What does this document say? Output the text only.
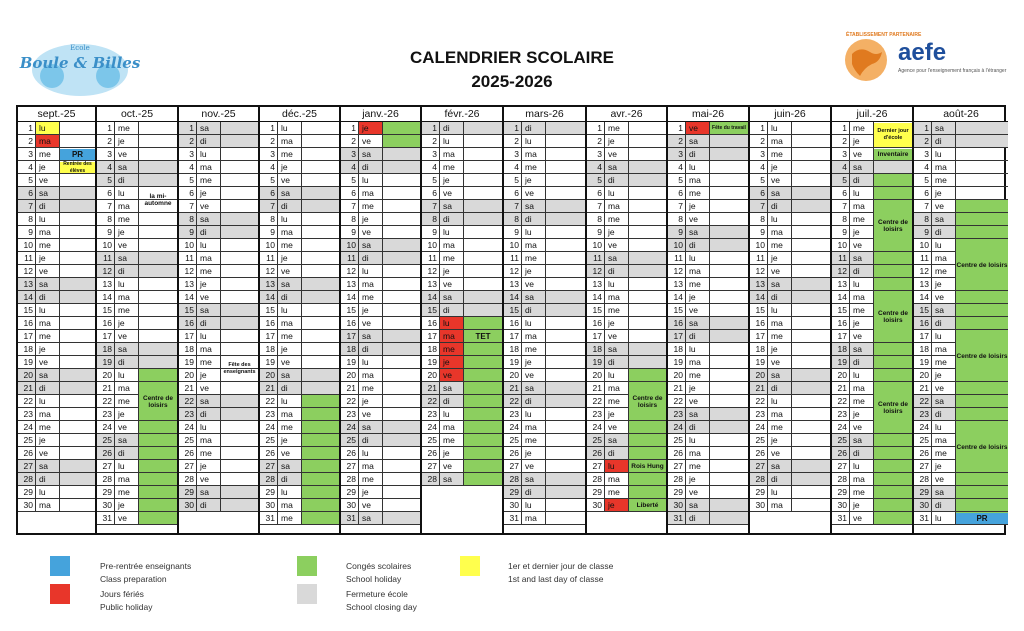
CALENDRIER SCOLAIRE
2025-2026
Ecole
Boule & Billes
ÉTABLISSEMENT PARTENAIRE
aefe
Agence pour l'enseignement français à l'étranger
sept.-25
1 lu
2 ma
3 me
4 je
5 ve
6 sa
7 di
8 lu
9 ma
10 me
11 je
12 ve
13 sa
14 di
15 lu
16 ma
17 me
18 je
19 ve
20 sa
21 di
22 lu
23 ma
24 me
25 je
26 ve
27 sa
28 di
29 lu
30 ma
PR
Rentrée des élèves
oct.-25
1 me
2 je
3 ve
4 sa
5 di
6 lu
7 ma
8 me
9 je
10 ve
11 sa
12 di
13 lu
14 ma
15 me
16 je
17 ve
18 sa
19 di
20 lu
21 ma
22 me
23 je
24 ve
25 sa
26 di
27 lu
28 ma
29 me
30 je
31 ve
la mi-automne
Centre de loisirs
nov.-25
1 sa
2 di
3 lu
4 ma
5 me
6 je
7 ve
8 sa
9 di
10 lu
11 ma
12 me
13 je
14 ve
15 sa
16 di
17 lu
18 ma
19 me
20 je
21 ve
22 sa
23 di
24 lu
25 ma
26 me
27 je
28 ve
29 sa
30 di
Fête des enseignants
déc.-25
1 lu
2 ma
3 me
4 je
5 ve
6 sa
7 di
8 lu
9 ma
10 me
11 je
12 ve
13 sa
14 di
15 lu
16 ma
17 me
18 je
19 ve
20 sa
21 di
22 lu
23 ma
24 me
25 je
26 ve
27 sa
28 di
29 lu
30 ma
31 me
janv.-26
1 je
2 ve
3 sa
4 di
5 lu
6 ma
7 me
8 je
9 ve
10 sa
11 di
12 lu
13 ma
14 me
15 je
16 ve
17 sa
18 di
19 lu
20 ma
21 me
22 je
23 ve
24 sa
25 di
26 lu
27 ma
28 me
29 je
30 ve
31 sa
févr.-26
1 di
2 lu
3 ma
4 me
5 je
6 ve
7 sa
8 di
9 lu
10 ma
11 me
12 je
13 ve
14 sa
15 di
16 lu
17 ma
18 me
19 je
20 ve
21 sa
22 di
23 lu
24 ma
25 me
26 je
27 ve
28 sa
TET
mars-26
1 di
2 lu
3 ma
4 me
5 je
6 ve
7 sa
8 di
9 lu
10 ma
11 me
12 je
13 ve
14 sa
15 di
16 lu
17 ma
18 me
19 je
20 ve
21 sa
22 di
23 lu
24 ma
25 me
26 je
27 ve
28 sa
29 di
30 lu
31 ma
avr.-26
1 me
2 je
3 ve
4 sa
5 di
6 lu
7 ma
8 me
9 je
10 ve
11 sa
12 di
13 lu
14 ma
15 me
16 je
17 ve
18 sa
19 di
20 lu
21 ma
22 me
23 je
24 ve
25 sa
26 di
27 lu
28 ma
29 me
30 je
Centre de loisirs
Rois Hung
Liberté
mai-26
1 ve
2 sa
3 di
4 lu
5 ma
6 me
7 je
8 ve
9 sa
10 di
11 lu
12 ma
13 me
14 je
15 ve
16 sa
17 di
18 lu
19 ma
20 me
21 je
22 ve
23 sa
24 di
25 lu
26 ma
27 me
28 je
29 ve
30 sa
31 di
Fête du travail
juin-26
1 lu
2 ma
3 me
4 je
5 ve
6 sa
7 di
8 lu
9 ma
10 me
11 je
12 ve
13 sa
14 di
15 lu
16 ma
17 me
18 je
19 ve
20 sa
21 di
22 lu
23 ma
24 me
25 je
26 ve
27 sa
28 di
29 lu
30 ma
juil.-26
1 me
2 je
3 ve
4 sa
5 di
6 lu
7 ma
8 me
9 je
10 ve
11 sa
12 di
13 lu
14 ma
15 me
16 je
17 ve
18 sa
19 di
20 lu
21 ma
22 me
23 je
24 ve
25 sa
26 di
27 lu
28 ma
29 me
30 je
31 ve
Dernier jour d'école
Inventaire
Centre de loisirs
Centre de loisirs
Centre de loisirs
août-26
1 sa
2 di
3 lu
4 ma
5 me
6 je
7 ve
8 sa
9 di
10 lu
11 ma
12 me
13 je
14 ve
15 sa
16 di
17 lu
18 ma
19 me
20 je
21 ve
22 sa
23 di
24 lu
25 ma
26 me
27 je
28 ve
29 sa
30 di
31 lu
Centre de loisirs
Centre de loisirs
Centre de loisirs
PR
Pre-rentrée enseignants
Class preparation
Jours fériés
Public holiday
Congés scolaires
School holiday
Fermeture école
School closing day
1er et dernier jour de classe
1st and last day of classe
